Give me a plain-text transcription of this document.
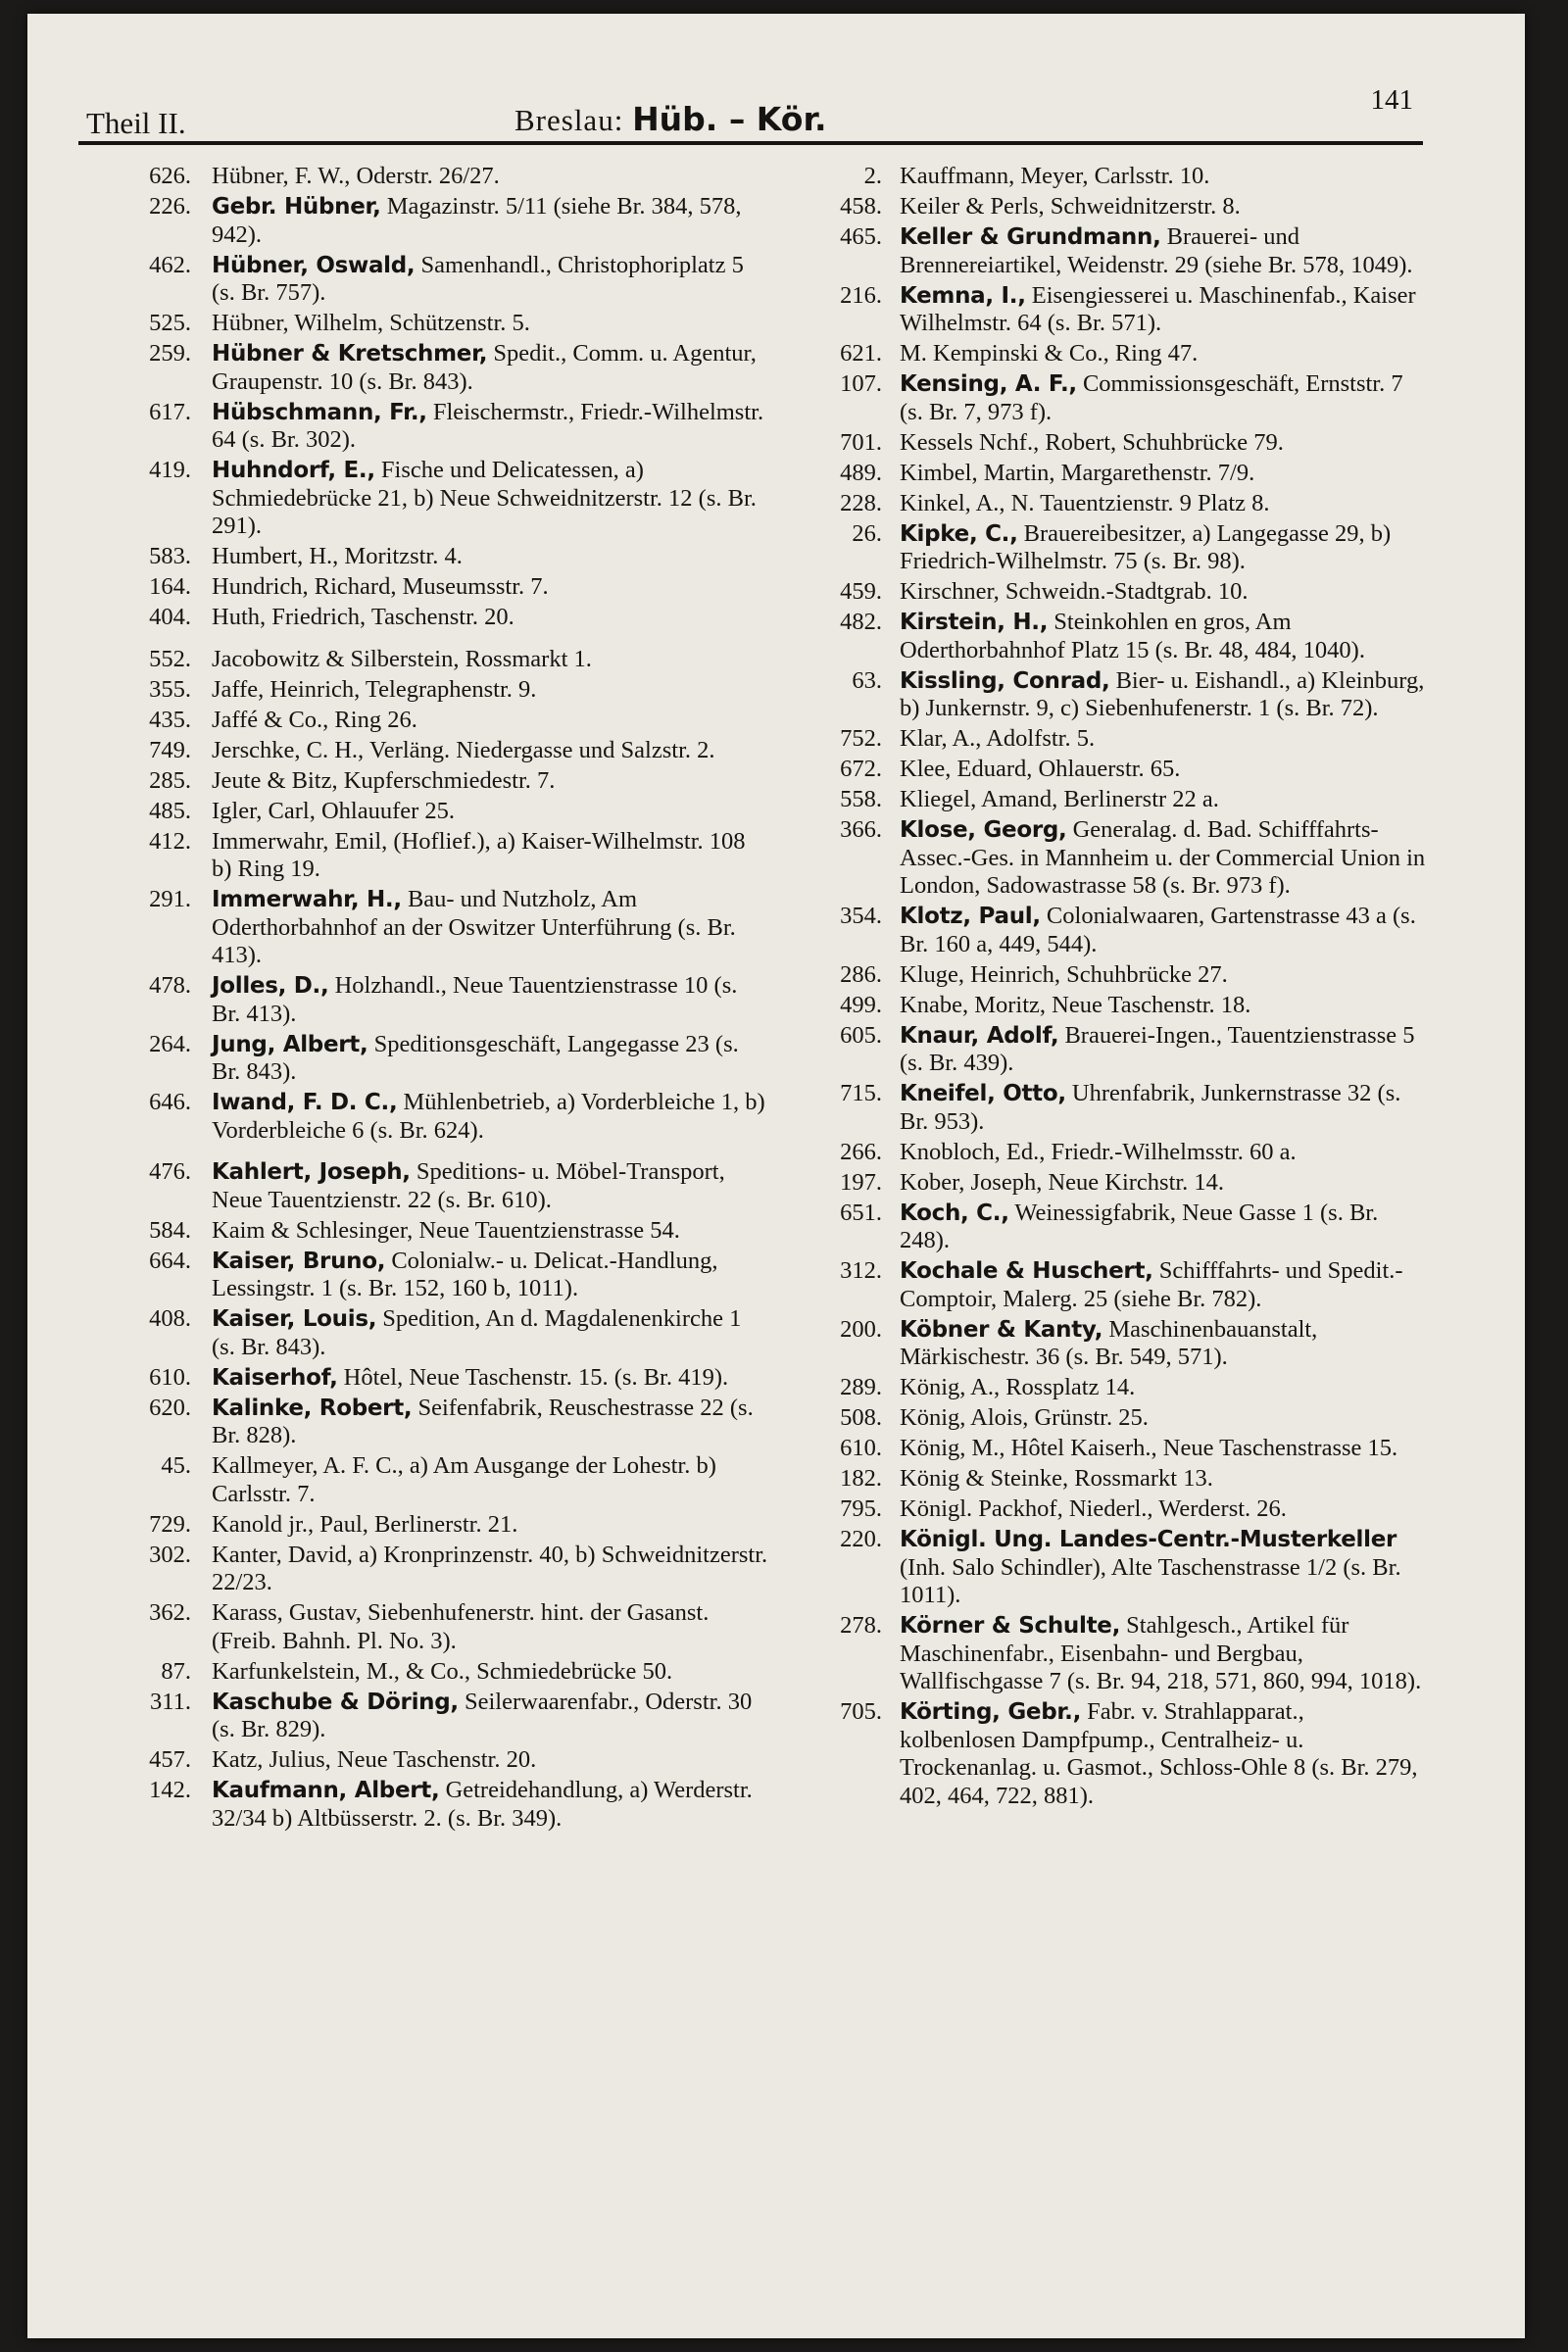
Theil II.	Breslau: Hüb. – Kör.	141
626. Hübner, F. W., Oderstr. 26/27.
226. Gebr. Hübner, Magazinstr. 5/11 (siehe Br. 384, 578, 942).
462. Hübner, Oswald, Samenhandl., Christophoriplatz 5 (s. Br. 757).
525. Hübner, Wilhelm, Schützenstr. 5.
259. Hübner & Kretschmer, Spedit., Comm. u. Agentur, Graupenstr. 10 (s. Br. 843).
617. Hübschmann, Fr., Fleischermstr., Friedr.-Wilhelmstr. 64 (s. Br. 302).
419. Huhndorf, E., Fische und Delicatessen, a) Schmiedebrücke 21, b) Neue Schweidnitzerstr. 12 (s. Br. 291).
583. Humbert, H., Moritzstr. 4.
164. Hundrich, Richard, Museumsstr. 7.
404. Huth, Friedrich, Taschenstr. 20.
552. Jacobowitz & Silberstein, Rossmarkt 1.
355. Jaffe, Heinrich, Telegraphenstr. 9.
435. Jaffé & Co., Ring 26.
749. Jerschke, C. H., Verläng. Niedergasse und Salzstr. 2.
285. Jeute & Bitz, Kupferschmiedestr. 7.
485. Igler, Carl, Ohlauufer 25.
412. Immerwahr, Emil, (Hoflief.), a) Kaiser-Wilhelmstr. 108 b) Ring 19.
291. Immerwahr, H., Bau- und Nutzholz, Am Oderthorbahnhof an der Oswitzer Unterführung (s. Br. 413).
478. Jolles, D., Holzhandl., Neue Tauentzienstrasse 10 (s. Br. 413).
264. Jung, Albert, Speditionsgeschäft, Langegasse 23 (s. Br. 843).
646. Iwand, F. D. C., Mühlenbetrieb, a) Vorderbleiche 1, b) Vorderbleiche 6 (s. Br. 624).
476. Kahlert, Joseph, Speditions- u. Möbel-Transport, Neue Tauentzienstr. 22 (s. Br. 610).
584. Kaim & Schlesinger, Neue Tauentzienstrasse 54.
664. Kaiser, Bruno, Colonialw.- u. Delicat.-Handlung, Lessingstr. 1 (s. Br. 152, 160 b, 1011).
408. Kaiser, Louis, Spedition, An d. Magdalenenkirche 1 (s. Br. 843).
610. Kaiserhof, Hôtel, Neue Taschenstr. 15. (s. Br. 419).
620. Kalinke, Robert, Seifenfabrik, Reuschestrasse 22 (s. Br. 828).
45. Kallmeyer, A. F. C., a) Am Ausgange der Lohestr. b) Carlsstr. 7.
729. Kanold jr., Paul, Berlinerstr. 21.
302. Kanter, David, a) Kronprinzenstr. 40, b) Schweidnitzerstr. 22/23.
362. Karass, Gustav, Siebenhufenerstr. hint. der Gasanst. (Freib. Bahnh. Pl. No. 3).
87. Karfunkelstein, M., & Co., Schmiedebrücke 50.
311. Kaschube & Döring, Seilerwaarenfabr., Oderstr. 30 (s. Br. 829).
457. Katz, Julius, Neue Taschenstr. 20.
142. Kaufmann, Albert, Getreidehandlung, a) Werderstr. 32/34 b) Altbüsserstr. 2. (s. Br. 349).
2. Kauffmann, Meyer, Carlsstr. 10.
458. Keiler & Perls, Schweidnitzerstr. 8.
465. Keller & Grundmann, Brauerei- und Brennereiartikel, Weidenstr. 29 (siehe Br. 578, 1049).
216. Kemna, I., Eisengiesserei u. Maschinenfab., Kaiser Wilhelmstr. 64 (s. Br. 571).
621. M. Kempinski & Co., Ring 47.
107. Kensing, A. F., Commissionsgeschäft, Ernststr. 7 (s. Br. 7, 973 f).
701. Kessels Nchf., Robert, Schuhbrücke 79.
489. Kimbel, Martin, Margarethenstr. 7/9.
228. Kinkel, A., N. Tauentzienstr. 9 Platz 8.
26. Kipke, C., Brauereibesitzer, a) Langegasse 29, b) Friedrich-Wilhelmstr. 75 (s. Br. 98).
459. Kirschner, Schweidn.-Stadtgrab. 10.
482. Kirstein, H., Steinkohlen en gros, Am Oderthorbahnhof Platz 15 (s. Br. 48, 484, 1040).
63. Kissling, Conrad, Bier- u. Eishandl., a) Kleinburg, b) Junkernstr. 9, c) Siebenhufenerstr. 1 (s. Br. 72).
752. Klar, A., Adolfstr. 5.
672. Klee, Eduard, Ohlauerstr. 65.
558. Kliegel, Amand, Berlinerstr 22 a.
366. Klose, Georg, Generalag. d. Bad. Schifffahrts-Assec.-Ges. in Mannheim u. der Commercial Union in London, Sadowastrasse 58 (s. Br. 973 f).
354. Klotz, Paul, Colonialwaaren, Gartenstrasse 43 a (s. Br. 160 a, 449, 544).
286. Kluge, Heinrich, Schuhbrücke 27.
499. Knabe, Moritz, Neue Taschenstr. 18.
605. Knaur, Adolf, Brauerei-Ingen., Tauentzienstrasse 5 (s. Br. 439).
715. Kneifel, Otto, Uhrenfabrik, Junkernstrasse 32 (s. Br. 953).
266. Knobloch, Ed., Friedr.-Wilhelmsstr. 60 a.
197. Kober, Joseph, Neue Kirchstr. 14.
651. Koch, C., Weinessigfabrik, Neue Gasse 1 (s. Br. 248).
312. Kochale & Huschert, Schifffahrts- und Spedit.-Comptoir, Malerg. 25 (siehe Br. 782).
200. Köbner & Kanty, Maschinenbauanstalt, Märkischestr. 36 (s. Br. 549, 571).
289. König, A., Rossplatz 14.
508. König, Alois, Grünstr. 25.
610. König, M., Hôtel Kaiserh., Neue Taschenstrasse 15.
182. König & Steinke, Rossmarkt 13.
795. Königl. Packhof, Niederl., Werderst. 26.
220. Königl. Ung. Landes-Centr.-Musterkeller (Inh. Salo Schindler), Alte Taschenstrasse 1/2 (s. Br. 1011).
278. Körner & Schulte, Stahlgesch., Artikel für Maschinenfabr., Eisenbahn- und Bergbau, Wallfischgasse 7 (s. Br. 94, 218, 571, 860, 994, 1018).
705. Körting, Gebr., Fabr. v. Strahlapparat., kolbenlosen Dampfpump., Centralheiz- u. Trockenanlag. u. Gasmot., Schloss-Ohle 8 (s. Br. 279, 402, 464, 722, 881).
